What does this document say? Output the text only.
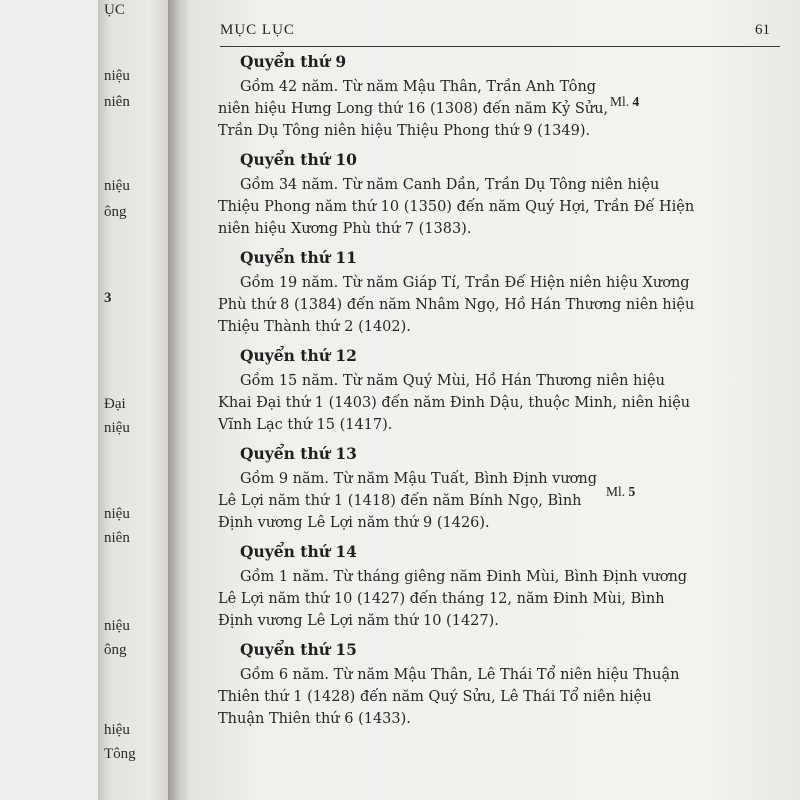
ỤC
niệu
niên
niệu
ông
3
Đại
niệu
niệu
niên
niệu
ông
hiệu
Tông
MỤC LỤC	61
Ml. 4
Ml. 5
Quyển thứ 9
Gồm 42 năm. Từ năm Mậu Thân, Trần Anh Tông
niên hiệu Hưng Long thứ 16 (1308) đến năm Kỷ Sửu,
Trần Dụ Tông niên hiệu Thiệu Phong thứ 9 (1349).
Quyển thứ 10
Gồm 34 năm. Từ năm Canh Dần, Trần Dụ Tông niên hiệu
Thiệu Phong năm thứ 10 (1350) đến năm Quý Hợi, Trần Đế Hiện
niên hiệu Xương Phù thứ 7 (1383).
Quyển thứ 11
Gồm 19 năm. Từ năm Giáp Tí, Trần Đế Hiện niên hiệu Xương
Phù thứ 8 (1384) đến năm Nhâm Ngọ, Hồ Hán Thương niên hiệu
Thiệu Thành thứ 2 (1402).
Quyển thứ 12
Gồm 15 năm. Từ năm Quý Mùi, Hồ Hán Thương niên hiệu
Khai Đại thứ 1 (1403) đến năm Đinh Dậu, thuộc Minh, niên hiệu
Vĩnh Lạc thứ 15 (1417).
Quyển thứ 13
Gồm 9 năm. Từ năm Mậu Tuất, Bình Định vương
Lê Lợi năm thứ 1 (1418) đến năm Bính Ngọ, Bình
Định vương Lê Lợi năm thứ 9 (1426).
Quyển thứ 14
Gồm 1 năm. Từ tháng giêng năm Đinh Mùi, Bình Định vương
Lê Lợi năm thứ 10 (1427) đến tháng 12, năm Đinh Mùi, Bình
Định vương Lê Lợi năm thứ 10 (1427).
Quyển thứ 15
Gồm 6 năm. Từ năm Mậu Thân, Lê Thái Tổ niên hiệu Thuận
Thiên thứ 1 (1428) đến năm Quý Sửu, Lê Thái Tổ niên hiệu
Thuận Thiên thứ 6 (1433).
